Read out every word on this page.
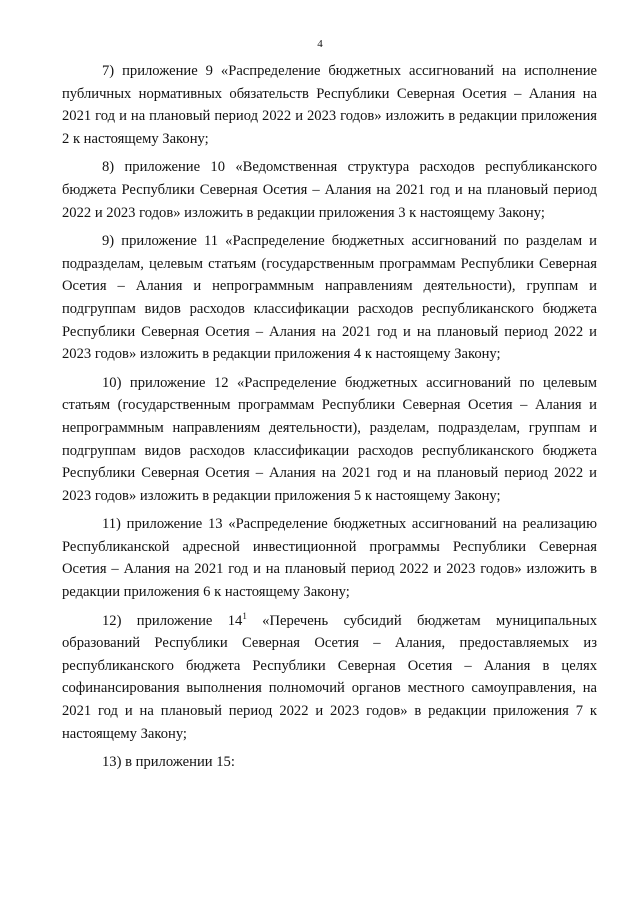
4

7) приложение 9 «Распределение бюджетных ассигнований на исполнение публичных нормативных обязательств Республики Северная Осетия – Алания на 2021 год и на плановый период 2022 и 2023 годов» изложить в редакции приложения 2 к настоящему Закону;

8) приложение 10 «Ведомственная структура расходов республиканского бюджета Республики Северная Осетия – Алания на 2021 год и на плановый период 2022 и 2023 годов» изложить в редакции приложения 3 к настоящему Закону;

9) приложение 11 «Распределение бюджетных ассигнований по разделам и подразделам, целевым статьям (государственным программам Республики Северная Осетия – Алания и непрограммным направлениям деятельности), группам и подгруппам видов расходов классификации расходов республиканского бюджета Республики Северная Осетия – Алания на 2021 год и на плановый период 2022 и 2023 годов» изложить в редакции приложения 4 к настоящему Закону;

10) приложение 12 «Распределение бюджетных ассигнований по целевым статьям (государственным программам Республики Северная Осетия – Алания и непрограммным направлениям деятельности), разделам, подразделам, группам и подгруппам видов расходов классификации расходов республиканского бюджета Республики Северная Осетия – Алания на 2021 год и на плановый период 2022 и 2023 годов» изложить в редакции приложения 5 к настоящему Закону;

11) приложение 13 «Распределение бюджетных ассигнований на реализацию Республиканской адресной инвестиционной программы Республики Северная Осетия – Алания на 2021 год и на плановый период 2022 и 2023 годов» изложить в редакции приложения 6 к настоящему Закону;

12) приложение $14^1$ «Перечень субсидий бюджетам муниципальных образований Республики Северная Осетия – Алания, предоставляемых из республиканского бюджета Республики Северная Осетия – Алания в целях софинансирования выполнения полномочий органов местного самоуправления, на 2021 год и на плановый период 2022 и 2023 годов» в редакции приложения 7 к настоящему Закону;

13) в приложении 15:
